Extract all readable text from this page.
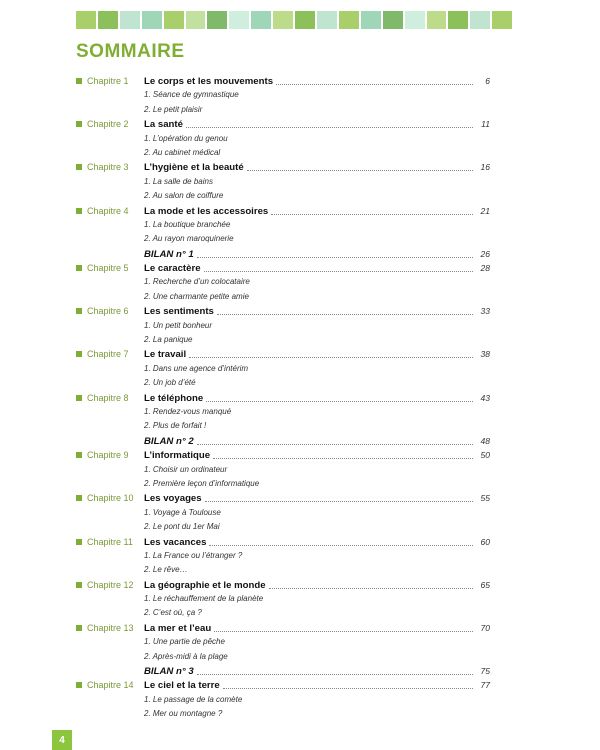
SOMMAIRE
Chapitre 1 Le corps et les mouvements	6
1. Séance de gymnastique
2. Le petit plaisir
Chapitre 2 La santé	11
1. L’opération du genou
2. Au cabinet médical
Chapitre 3 L’hygiène et la beauté	16
1. La salle de bains
2. Au salon de coiffure
Chapitre 4 La mode et les accessoires	21
1. La boutique branchée
2. Au rayon maroquinerie
BILAN n° 1	26
Chapitre 5 Le caractère	28
1. Recherche d’un colocataire
2. Une charmante petite amie
Chapitre 6 Les sentiments	33
1. Un petit bonheur
2. La panique
Chapitre 7 Le travail	38
1. Dans une agence d’intérim
2. Un job d’été
Chapitre 8 Le téléphone	43
1. Rendez-vous manqué
2. Plus de forfait !
BILAN n° 2	48
Chapitre 9 L’informatique	50
1. Choisir un ordinateur
2. Première leçon d’informatique
Chapitre 10 Les voyages	55
1. Voyage à Toulouse
2. Le pont du 1er Mai
Chapitre 11 Les vacances	60
1. La France ou l’étranger ?
2. Le rêve…
Chapitre 12 La géographie et le monde	65
1. Le réchauffement de la planète
2. C’est où, ça ?
Chapitre 13 La mer et l’eau	70
1. Une partie de pêche
2. Après-midi à la plage
BILAN n° 3	75
Chapitre 14 Le ciel et la terre	77
1. Le passage de la comète
2. Mer ou montagne ?
4
